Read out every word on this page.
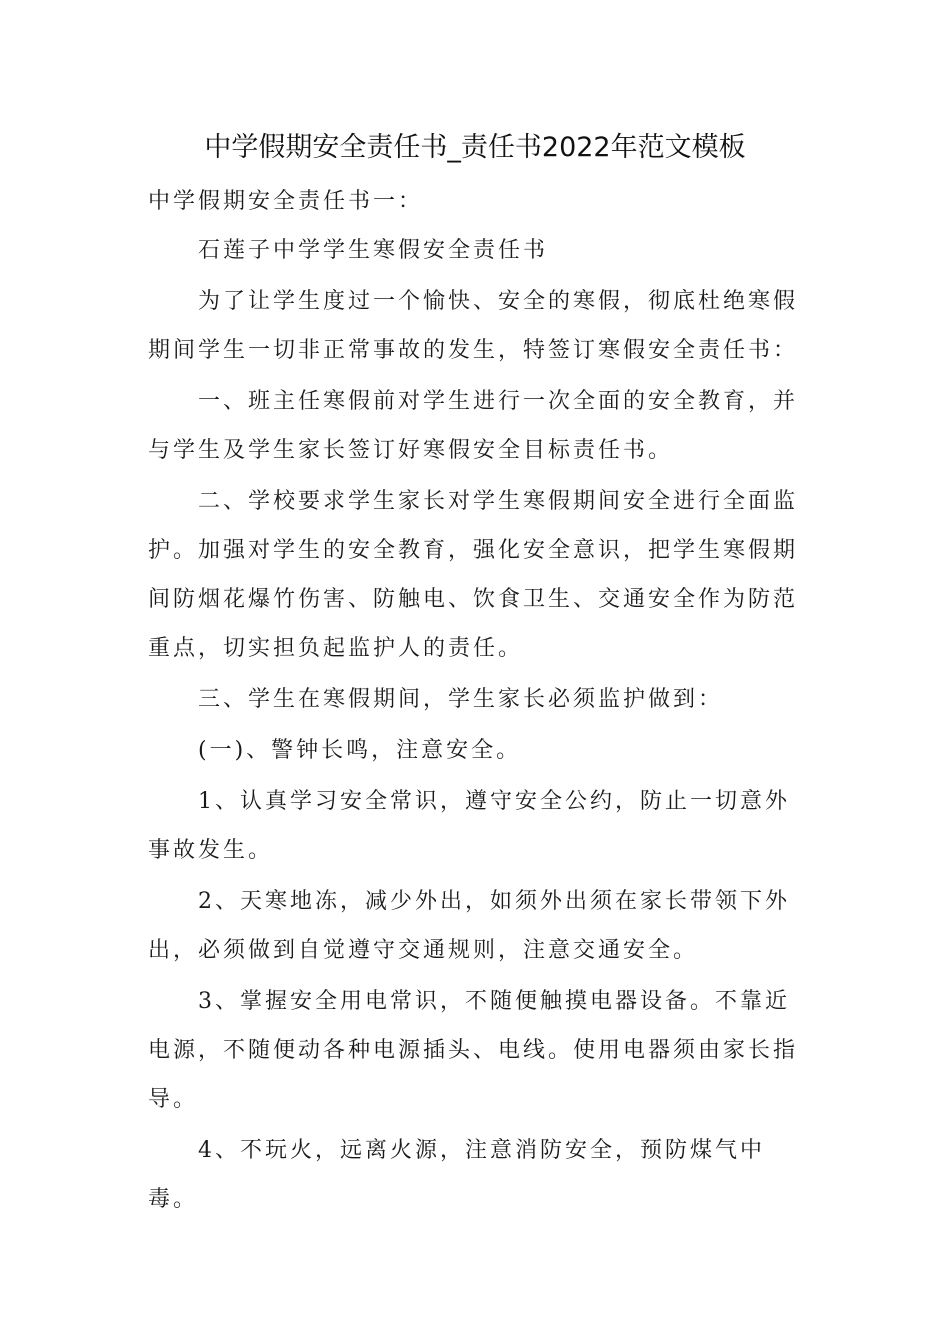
中学假期安全责任书_责任书2022年范文模板

中学假期安全责任书一：

石莲子中学学生寒假安全责任书

为了让学生度过一个愉快、安全的寒假，彻底杜绝寒假期间学生一切非正常事故的发生，特签订寒假安全责任书：

一、班主任寒假前对学生进行一次全面的安全教育，并与学生及学生家长签订好寒假安全目标责任书。

二、学校要求学生家长对学生寒假期间安全进行全面监护。加强对学生的安全教育，强化安全意识，把学生寒假期间防烟花爆竹伤害、防触电、饮食卫生、交通安全作为防范重点，切实担负起监护人的责任。

三、学生在寒假期间，学生家长必须监护做到：

(一)、警钟长鸣，注意安全。

1、认真学习安全常识，遵守安全公约，防止一切意外事故发生。

2、天寒地冻，减少外出，如须外出须在家长带领下外出，必须做到自觉遵守交通规则，注意交通安全。

3、掌握安全用电常识，不随便触摸电器设备。不靠近电源，不随便动各种电源插头、电线。使用电器须由家长指导。

4、不玩火，远离火源，注意消防安全，预防煤气中毒。
